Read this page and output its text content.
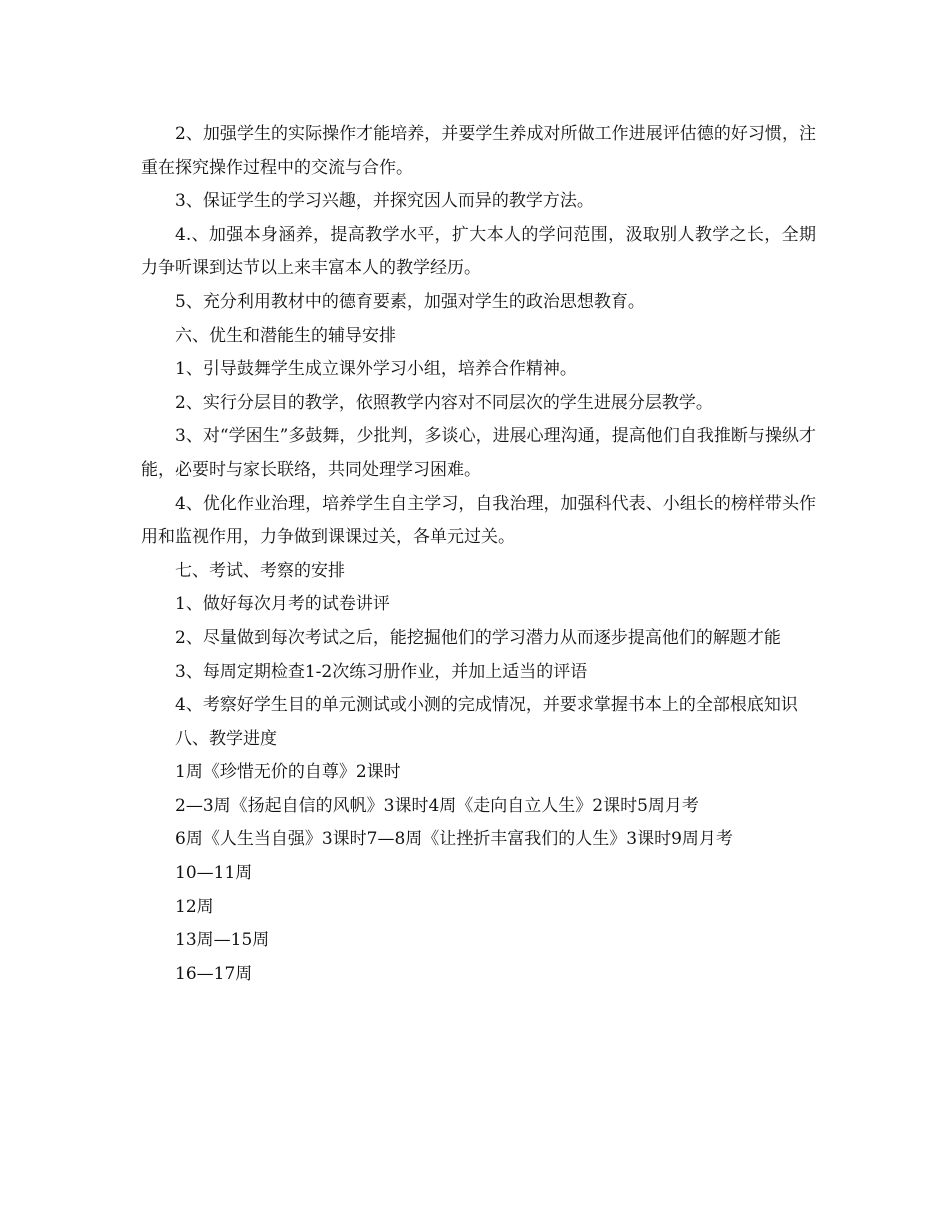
2、加强学生的实际操作才能培养，并要学生养成对所做工作进展评估德的好习惯，注重在探究操作过程中的交流与合作。

3、保证学生的学习兴趣，并探究因人而异的教学方法。

4.、加强本身涵养，提高教学水平，扩大本人的学问范围，汲取别人教学之长，全期力争听课到达节以上来丰富本人的教学经历。

5、充分利用教材中的德育要素，加强对学生的政治思想教育。

六、优生和潜能生的辅导安排

1、引导鼓舞学生成立课外学习小组，培养合作精神。

2、实行分层目的教学，依照教学内容对不同层次的学生进展分层教学。

3、对“学困生”多鼓舞，少批判，多谈心，进展心理沟通，提高他们自我推断与操纵才能，必要时与家长联络，共同处理学习困难。

4、优化作业治理，培养学生自主学习，自我治理，加强科代表、小组长的榜样带头作用和监视作用，力争做到课课过关，各单元过关。

七、考试、考察的安排

1、做好每次月考的试卷讲评

2、尽量做到每次考试之后，能挖掘他们的学习潜力从而逐步提高他们的解题才能

3、每周定期检查1-2次练习册作业，并加上适当的评语

4、考察好学生目的单元测试或小测的完成情况，并要求掌握书本上的全部根底知识

八、教学进度

1周《珍惜无价的自尊》2课时

2—3周《扬起自信的风帆》3课时4周《走向自立人生》2课时5周月考

6周《人生当自强》3课时7—8周《让挫折丰富我们的人生》3课时9周月考

10—11周

12周

13周—15周

16—17周
